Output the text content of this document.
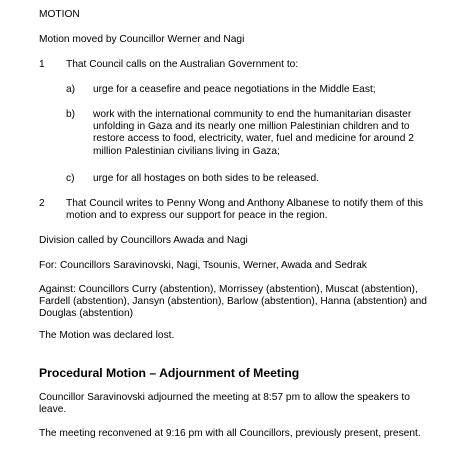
MOTION
Motion moved by Councillor Werner and Nagi
1 That Council calls on the Australian Government to:
a) urge for a ceasefire and peace negotiations in the Middle East;
b) work with the international community to end the humanitarian disaster unfolding in Gaza and its nearly one million Palestinian children and to restore access to food, electricity, water, fuel and medicine for around 2 million Palestinian civilians living in Gaza;
c) urge for all hostages on both sides to be released.
2 That Council writes to Penny Wong and Anthony Albanese to notify them of this motion and to express our support for peace in the region.
Division called by Councillors Awada and Nagi
For: Councillors Saravinovski, Nagi, Tsounis, Werner, Awada and Sedrak
Against: Councillors Curry (abstention), Morrissey (abstention), Muscat (abstention), Fardell (abstention), Jansyn (abstention), Barlow (abstention), Hanna (abstention) and Douglas (abstention)
The Motion was declared lost.
Procedural Motion – Adjournment of Meeting
Councillor Saravinovski adjourned the meeting at 8:57 pm to allow the speakers to leave.
The meeting reconvened at 9:16 pm with all Councillors, previously present, present.
